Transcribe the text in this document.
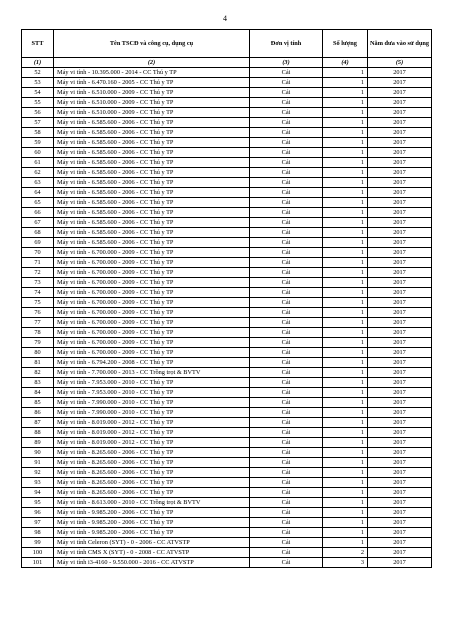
4
STT	Tên TSCĐ và công cụ, dụng cụ	Đơn vị tính	Số lượng	Năm đưa vào sử dụng
(1)	(2)	(3)	(4)	(5)
52	Máy vi tính - 10.395.000 - 2014 - CC Thú y TP	Cái	1	2017
53	Máy vi tính - 6.470.160 - 2005 - CC Thú y TP	Cái	1	2017
54	Máy vi tính - 6.510.000 - 2009 - CC Thú y TP	Cái	1	2017
55	Máy vi tính - 6.510.000 - 2009 - CC Thú y TP	Cái	1	2017
56	Máy vi tính - 6.510.000 - 2009 - CC Thú y TP	Cái	1	2017
57	Máy vi tính - 6.585.600 - 2006 - CC Thú y TP	Cái	1	2017
58	Máy vi tính - 6.585.600 - 2006 - CC Thú y TP	Cái	1	2017
59	Máy vi tính - 6.585.600 - 2006 - CC Thú y TP	Cái	1	2017
60	Máy vi tính - 6.585.600 - 2006 - CC Thú y TP	Cái	1	2017
61	Máy vi tính - 6.585.600 - 2006 - CC Thú y TP	Cái	1	2017
62	Máy vi tính - 6.585.600 - 2006 - CC Thú y TP	Cái	1	2017
63	Máy vi tính - 6.585.600 - 2006 - CC Thú y TP	Cái	1	2017
64	Máy vi tính - 6.585.600 - 2006 - CC Thú y TP	Cái	1	2017
65	Máy vi tính - 6.585.600 - 2006 - CC Thú y TP	Cái	1	2017
66	Máy vi tính - 6.585.600 - 2006 - CC Thú y TP	Cái	1	2017
67	Máy vi tính - 6.585.600 - 2006 - CC Thú y TP	Cái	1	2017
68	Máy vi tính - 6.585.600 - 2006 - CC Thú y TP	Cái	1	2017
69	Máy vi tính - 6.585.600 - 2006 - CC Thú y TP	Cái	1	2017
70	Máy vi tính - 6.700.000 - 2009 - CC Thú y TP	Cái	1	2017
71	Máy vi tính - 6.700.000 - 2009 - CC Thú y TP	Cái	1	2017
72	Máy vi tính - 6.700.000 - 2009 - CC Thú y TP	Cái	1	2017
73	Máy vi tính - 6.700.000 - 2009 - CC Thú y TP	Cái	1	2017
74	Máy vi tính - 6.700.000 - 2009 - CC Thú y TP	Cái	1	2017
75	Máy vi tính - 6.700.000 - 2009 - CC Thú y TP	Cái	1	2017
76	Máy vi tính - 6.700.000 - 2009 - CC Thú y TP	Cái	1	2017
77	Máy vi tính - 6.700.000 - 2009 - CC Thú y TP	Cái	1	2017
78	Máy vi tính - 6.700.000 - 2009 - CC Thú y TP	Cái	1	2017
79	Máy vi tính - 6.700.000 - 2009 - CC Thú y TP	Cái	1	2017
80	Máy vi tính - 6.700.000 - 2009 - CC Thú y TP	Cái	1	2017
81	Máy vi tính - 6.794.200 - 2008 - CC Thú y TP	Cái	1	2017
82	Máy vi tính - 7.700.000 - 2013 - CC Trồng trọt & BVTV	Cái	1	2017
83	Máy vi tính - 7.953.000 - 2010 - CC Thú y TP	Cái	1	2017
84	Máy vi tính - 7.953.000 - 2010 - CC Thú y TP	Cái	1	2017
85	Máy vi tính - 7.990.000 - 2010 - CC Thú y TP	Cái	1	2017
86	Máy vi tính - 7.990.000 - 2010 - CC Thú y TP	Cái	1	2017
87	Máy vi tính - 8.019.000 - 2012 - CC Thú y TP	Cái	1	2017
88	Máy vi tính - 8.019.000 - 2012 - CC Thú y TP	Cái	1	2017
89	Máy vi tính - 8.019.000 - 2012 - CC Thú y TP	Cái	1	2017
90	Máy vi tính - 8.265.600 - 2006 - CC Thú y TP	Cái	1	2017
91	Máy vi tính - 8.265.600 - 2006 - CC Thú y TP	Cái	1	2017
92	Máy vi tính - 8.265.600 - 2006 - CC Thú y TP	Cái	1	2017
93	Máy vi tính - 8.265.600 - 2006 - CC Thú y TP	Cái	1	2017
94	Máy vi tính - 8.265.600 - 2006 - CC Thú y TP	Cái	1	2017
95	Máy vi tính - 8.613.000 - 2010 - CC Trồng trọt & BVTV	Cái	1	2017
96	Máy vi tính - 9.985.200 - 2006 - CC Thú y TP	Cái	1	2017
97	Máy vi tính - 9.985.200 - 2006 - CC Thú y TP	Cái	1	2017
98	Máy vi tính - 9.985.200 - 2006 - CC Thú y TP	Cái	1	2017
99	Máy vi tính Celeron (SYT) - 0 - 2006 - CC ATVSTP	Cái	1	2017
100	Máy vi tính CMS X (SYT) - 0 - 2008 - CC ATVSTP	Cái	2	2017
101	Máy vi tính i3-4160 - 9.550.000 - 2016 - CC ATVSTP	Cái	3	2017
